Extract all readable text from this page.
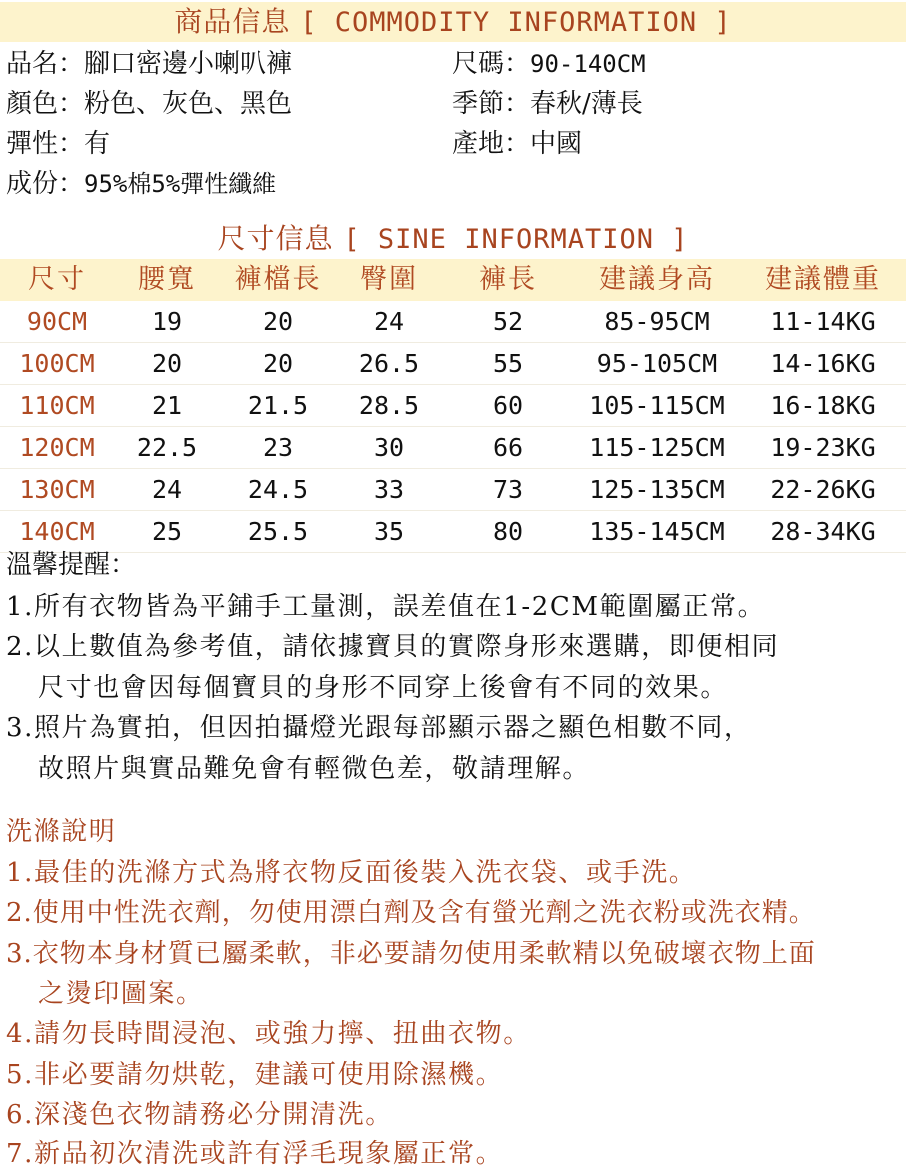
商品信息 [ COMMODITY INFORMATION ]
品名：腳口密邊小喇叭褲	尺碼：90-140CM
顏色：粉色、灰色、黑色	季節：春秋/薄長
彈性：有	產地：中國
成份：95%棉5%彈性纖維
尺寸信息 [ SINE INFORMATION ]
尺寸	腰寬	褲檔長	臀圍	褲長	建議身高	建議體重
90CM	19	20	24	52	85-95CM	11-14KG
100CM	20	20	26.5	55	95-105CM	14-16KG
110CM	21	21.5	28.5	60	105-115CM	16-18KG
120CM	22.5	23	30	66	115-125CM	19-23KG
130CM	24	24.5	33	73	125-135CM	22-26KG
140CM	25	25.5	35	80	135-145CM	28-34KG
溫馨提醒：
1.所有衣物皆為平鋪手工量測，誤差值在1-2CM範圍屬正常。
2.以上數值為參考值，請依據寶貝的實際身形來選購，即便相同
尺寸也會因每個寶貝的身形不同穿上後會有不同的效果。
3.照片為實拍，但因拍攝燈光跟每部顯示器之顯色相數不同，
故照片與實品難免會有輕微色差，敬請理解。
洗滌說明
1.最佳的洗滌方式為將衣物反面後裝入洗衣袋、或手洗。
2.使用中性洗衣劑，勿使用漂白劑及含有螢光劑之洗衣粉或洗衣精。
3.衣物本身材質已屬柔軟，非必要請勿使用柔軟精以免破壞衣物上面
之燙印圖案。
4.請勿長時間浸泡、或強力擰、扭曲衣物。
5.非必要請勿烘乾，建議可使用除濕機。
6.深淺色衣物請務必分開清洗。
7.新品初次清洗或許有浮毛現象屬正常。
